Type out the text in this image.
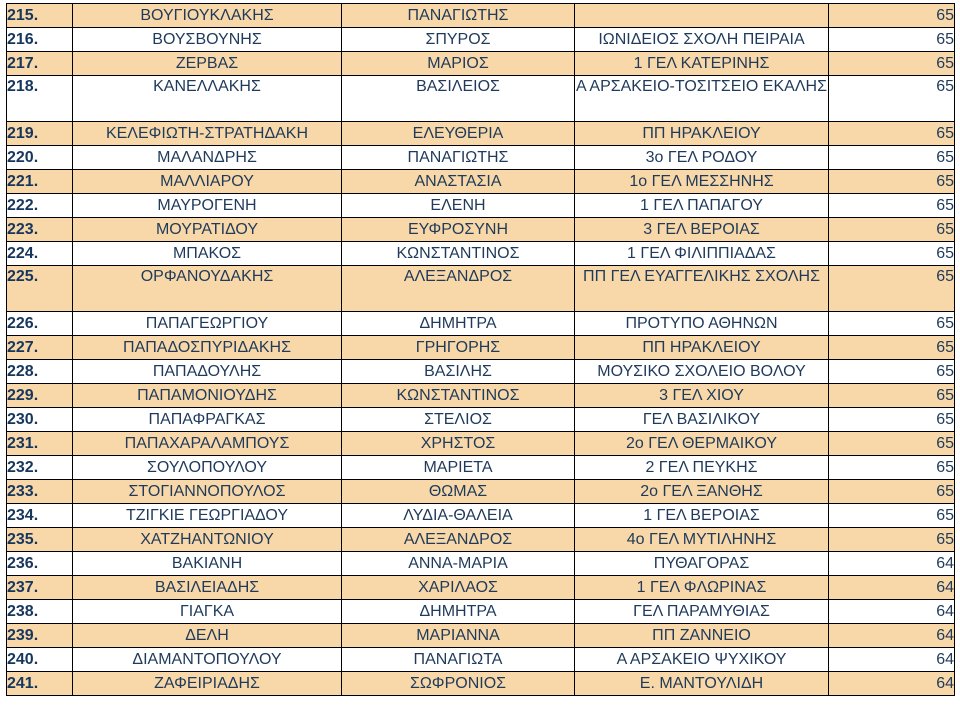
215.	ΒΟΥΓΙΟΥΚΛΑΚΗΣ	ΠΑΝΑΓΙΩΤΗΣ		65
216.	ΒΟΥΣΒΟΥΝΗΣ	ΣΠΥΡΟΣ	ΙΩΝΙΔΕΙΟΣ ΣΧΟΛΗ ΠΕΙΡΑΙΑ	65
217.	ΖΕΡΒΑΣ	ΜΑΡΙΟΣ	1 ΓΕΛ ΚΑΤΕΡΙΝΗΣ	65
218.	ΚΑΝΕΛΛΑΚΗΣ	ΒΑΣΙΛΕΙΟΣ	Α ΑΡΣΑΚΕΙΟ-ΤΟΣΙΤΣΕΙΟ ΕΚΑΛΗΣ	65
219.	ΚΕΛΕΦΙΩΤΗ-ΣΤΡΑΤΗΔΑΚΗ	ΕΛΕΥΘΕΡΙΑ	ΠΠ ΗΡΑΚΛΕΙΟΥ	65
220.	ΜΑΛΑΝΔΡΗΣ	ΠΑΝΑΓΙΩΤΗΣ	3ο ΓΕΛ ΡΟΔΟΥ	65
221.	ΜΑΛΛΙΑΡΟΥ	ΑΝΑΣΤΑΣΙΑ	1ο ΓΕΛ ΜΕΣΣΗΝΗΣ	65
222.	ΜΑΥΡΟΓΕΝΗ	ΕΛΕΝΗ	1 ΓΕΛ ΠΑΠΑΓΟΥ	65
223.	ΜΟΥΡΑΤΙΔΟΥ	ΕΥΦΡΟΣΥΝΗ	3 ΓΕΛ ΒΕΡΟΙΑΣ	65
224.	ΜΠΑΚΟΣ	ΚΩΝΣΤΑΝΤΙΝΟΣ	1 ΓΕΛ ΦΙΛΙΠΠΙΑΔΑΣ	65
225.	ΟΡΦΑΝΟΥΔΑΚΗΣ	ΑΛΕΞΑΝΔΡΟΣ	ΠΠ ΓΕΛ ΕΥΑΓΓΕΛΙΚΗΣ ΣΧΟΛΗΣ	65
226.	ΠΑΠΑΓΕΩΡΓΙΟΥ	ΔΗΜΗΤΡΑ	ΠΡΟΤΥΠΟ ΑΘΗΝΩΝ	65
227.	ΠΑΠΑΔΟΣΠΥΡΙΔΑΚΗΣ	ΓΡΗΓΟΡΗΣ	ΠΠ ΗΡΑΚΛΕΙΟΥ	65
228.	ΠΑΠΑΔΟΥΛΗΣ	ΒΑΣΙΛΗΣ	ΜΟΥΣΙΚΟ ΣΧΟΛΕΙΟ ΒΟΛΟΥ	65
229.	ΠΑΠΑΜΟΝΙΟΥΔΗΣ	ΚΩΝΣΤΑΝΤΙΝΟΣ	3 ΓΕΛ ΧΙΟΥ	65
230.	ΠΑΠΑΦΡΑΓΚΑΣ	ΣΤΕΛΙΟΣ	ΓΕΛ ΒΑΣΙΛΙΚΟΥ	65
231.	ΠΑΠΑΧΑΡΑΛΑΜΠΟΥΣ	ΧΡΗΣΤΟΣ	2ο ΓΕΛ ΘΕΡΜΑΙΚΟΥ	65
232.	ΣΟΥΛΟΠΟΥΛΟΥ	ΜΑΡΙΕΤΑ	2 ΓΕΛ ΠΕΥΚΗΣ	65
233.	ΣΤΟΓΙΑΝΝΟΠΟΥΛΟΣ	ΘΩΜΑΣ	2ο ΓΕΛ ΞΑΝΘΗΣ	65
234.	ΤΖΙΓΚΙΕ ΓΕΩΡΓΙΑΔΟΥ	ΛΥΔΙΑ-ΘΑΛΕΙΑ	1 ΓΕΛ ΒΕΡΟΙΑΣ	65
235.	ΧΑΤΖΗΑΝΤΩΝΙΟΥ	ΑΛΕΞΑΝΔΡΟΣ	4ο ΓΕΛ ΜΥΤΙΛΗΝΗΣ	65
236.	ΒΑΚΙΑΝΗ	ΑΝΝΑ-ΜΑΡΙΑ	ΠΥΘΑΓΟΡΑΣ	64
237.	ΒΑΣΙΛΕΙΑΔΗΣ	ΧΑΡΙΛΑΟΣ	1 ΓΕΛ ΦΛΩΡΙΝΑΣ	64
238.	ΓΙΑΓΚΑ	ΔΗΜΗΤΡΑ	ΓΕΛ ΠΑΡΑΜΥΘΙΑΣ	64
239.	ΔΕΛΗ	ΜΑΡΙΑΝΝΑ	ΠΠ ΖΑΝΝΕΙΟ	64
240.	ΔΙΑΜΑΝΤΟΠΟΥΛΟΥ	ΠΑΝΑΓΙΩΤΑ	Α ΑΡΣΑΚΕΙΟ ΨΥΧΙΚΟΥ	64
241.	ΖΑΦΕΙΡΙΑΔΗΣ	ΣΩΦΡΟΝΙΟΣ	Ε. ΜΑΝΤΟΥΛΙΔΗ	64
